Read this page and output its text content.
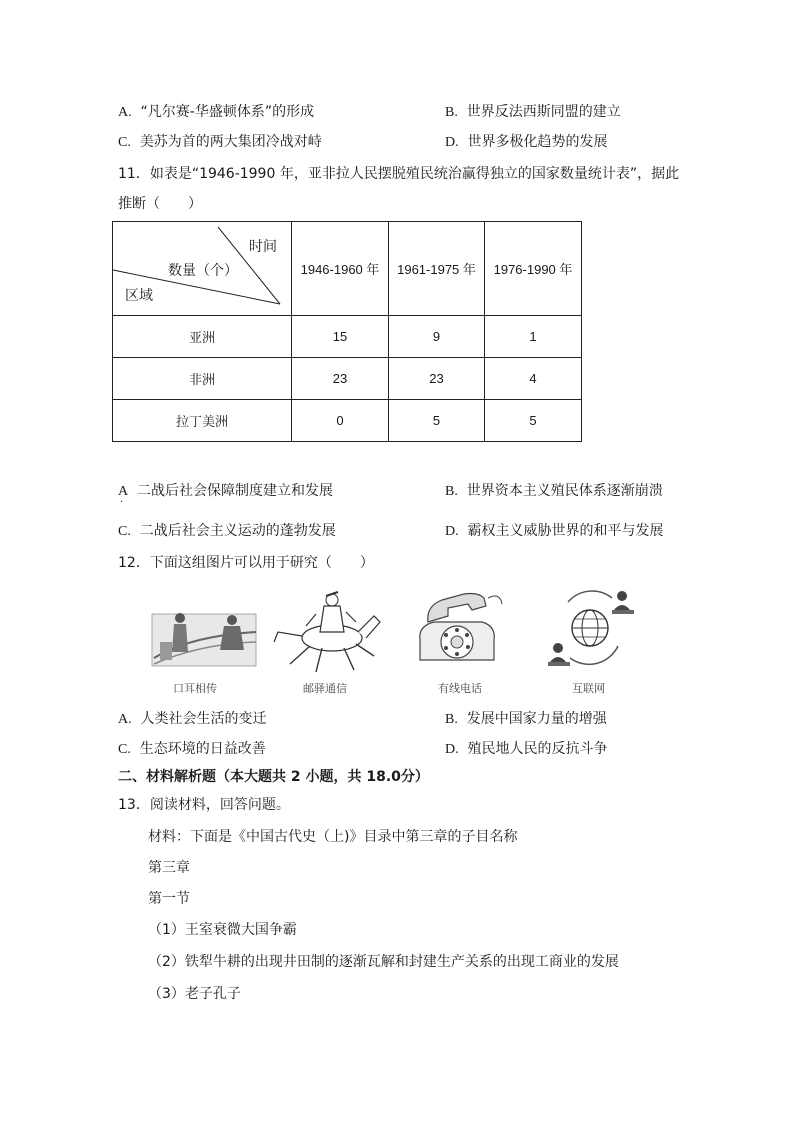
A. “凡尔赛-华盛顿体系”的形成	B. 世界反法西斯同盟的建立
C. 美苏为首的两大集团冷战对峙	D. 世界多极化趋势的发展
11．如表是“1946-1990 年，亚非拉人民摆脱殖民统治赢得独立的国家数量统计表”，据此
推断（　　）
时间
数量（个）
区域	1946-1960 年	1961-1975 年	1976-1990 年
亚洲	15	9	1
非洲	23	23	4
拉丁美洲	0	5	5
A 二战后社会保障制度建立和发展
·
B. 世界资本主义殖民体系逐渐崩溃
C. 二战后社会主义运动的蓬勃发展	D. 霸权主义威胁世界的和平与发展
12．下面这组图片可以用于研究（　　）
口耳相传	邮驿通信	有线电话	互联网
A. 人类社会生活的变迁	B. 发展中国家力量的增强
C. 生态环境的日益改善	D. 殖民地人民的反抗斗争
二、材料解析题（本大题共 2 小题，共 18.0分）
13．阅读材料，回答问题。
材料：下面是《中国古代史（上)》目录中第三章的子目名称
第三章
第一节
（1）王室衰微大国争霸
（2）铁犁牛耕的出现井田制的逐渐瓦解和封建生产关系的出现工商业的发展
（3）老子孔子
